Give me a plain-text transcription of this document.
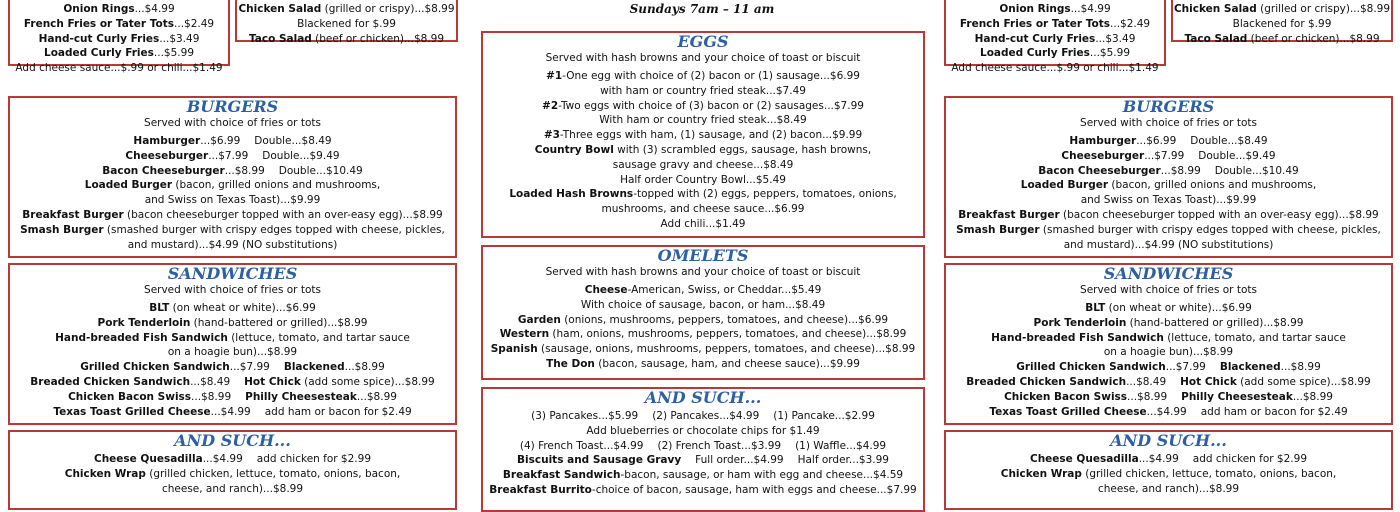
Onion Rings...$4.99
French Fries or Tater Tots...$2.49
Hand-cut Curly Fries...$3.49
Loaded Curly Fries...$5.99
Add cheese sauce...$.99 or chili...$1.49
Chicken Salad (grilled or crispy)...$8.99
Blackened for $.99
Taco Salad (beef or chicken)...$8.99
Onion Rings...$4.99
French Fries or Tater Tots...$2.49
Hand-cut Curly Fries...$3.49
Loaded Curly Fries...$5.99
Add cheese sauce...$.99 or chili...$1.49
Chicken Salad (grilled or crispy)...$8.99
Blackened for $.99
Taco Salad (beef or chicken)...$8.99
Sundays 7am – 11 am
BURGERS
Served with choice of fries or tots
Hamburger...$6.99 Double...$8.49
Cheeseburger...$7.99 Double...$9.49
Bacon Cheeseburger...$8.99 Double...$10.49
Loaded Burger (bacon, grilled onions and mushrooms,
and Swiss on Texas Toast)...$9.99
Breakfast Burger (bacon cheeseburger topped with an over-easy egg)...$8.99
Smash Burger (smashed burger with crispy edges topped with cheese, pickles,
and mustard)...$4.99 (NO substitutions)
SANDWICHES
Served with choice of fries or tots
BLT (on wheat or white)...$6.99
Pork Tenderloin (hand-battered or grilled)...$8.99
Hand-breaded Fish Sandwich (lettuce, tomato, and tartar sauce
on a hoagie bun)...$8.99
Grilled Chicken Sandwich...$7.99 Blackened...$8.99
Breaded Chicken Sandwich...$8.49 Hot Chick (add some spice)...$8.99
Chicken Bacon Swiss...$8.99 Philly Cheesesteak...$8.99
Texas Toast Grilled Cheese...$4.99 add ham or bacon for $2.49
AND SUCH...
Cheese Quesadilla...$4.99 add chicken for $2.99
Chicken Wrap (grilled chicken, lettuce, tomato, onions, bacon,
cheese, and ranch)...$8.99
EGGS
Served with hash browns and your choice of toast or biscuit
#1-One egg with choice of (2) bacon or (1) sausage...$6.99
with ham or country fried steak...$7.49
#2-Two eggs with choice of (3) bacon or (2) sausages...$7.99
With ham or country fried steak...$8.49
#3-Three eggs with ham, (1) sausage, and (2) bacon...$9.99
Country Bowl with (3) scrambled eggs, sausage, hash browns,
sausage gravy and cheese...$8.49
Half order Country Bowl...$5.49
Loaded Hash Browns-topped with (2) eggs, peppers, tomatoes, onions,
mushrooms, and cheese sauce...$6.99
Add chili...$1.49
OMELETS
Served with hash browns and your choice of toast or biscuit
Cheese-American, Swiss, or Cheddar...$5.49
With choice of sausage, bacon, or ham...$8.49
Garden (onions, mushrooms, peppers, tomatoes, and cheese)...$6.99
Western (ham, onions, mushrooms, peppers, tomatoes, and cheese)...$8.99
Spanish (sausage, onions, mushrooms, peppers, tomatoes, and cheese)...$8.99
The Don (bacon, sausage, ham, and cheese sauce)...$9.99
AND SUCH...
(3) Pancakes...$5.99 (2) Pancakes...$4.99 (1) Pancake...$2.99
Add blueberries or chocolate chips for $1.49
(4) French Toast...$4.99 (2) French Toast...$3.99 (1) Waffle...$4.99
Biscuits and Sausage Gravy Full order...$4.99 Half order...$3.99
Breakfast Sandwich-bacon, sausage, or ham with egg and cheese...$4.59
Breakfast Burrito-choice of bacon, sausage, ham with eggs and cheese...$7.99
BURGERS
Served with choice of fries or tots
Hamburger...$6.99 Double...$8.49
Cheeseburger...$7.99 Double...$9.49
Bacon Cheeseburger...$8.99 Double...$10.49
Loaded Burger (bacon, grilled onions and mushrooms,
and Swiss on Texas Toast)...$9.99
Breakfast Burger (bacon cheeseburger topped with an over-easy egg)...$8.99
Smash Burger (smashed burger with crispy edges topped with cheese, pickles,
and mustard)...$4.99 (NO substitutions)
SANDWICHES
Served with choice of fries or tots
BLT (on wheat or white)...$6.99
Pork Tenderloin (hand-battered or grilled)...$8.99
Hand-breaded Fish Sandwich (lettuce, tomato, and tartar sauce
on a hoagie bun)...$8.99
Grilled Chicken Sandwich...$7.99 Blackened...$8.99
Breaded Chicken Sandwich...$8.49 Hot Chick (add some spice)...$8.99
Chicken Bacon Swiss...$8.99 Philly Cheesesteak...$8.99
Texas Toast Grilled Cheese...$4.99 add ham or bacon for $2.49
AND SUCH...
Cheese Quesadilla...$4.99 add chicken for $2.99
Chicken Wrap (grilled chicken, lettuce, tomato, onions, bacon,
cheese, and ranch)...$8.99
